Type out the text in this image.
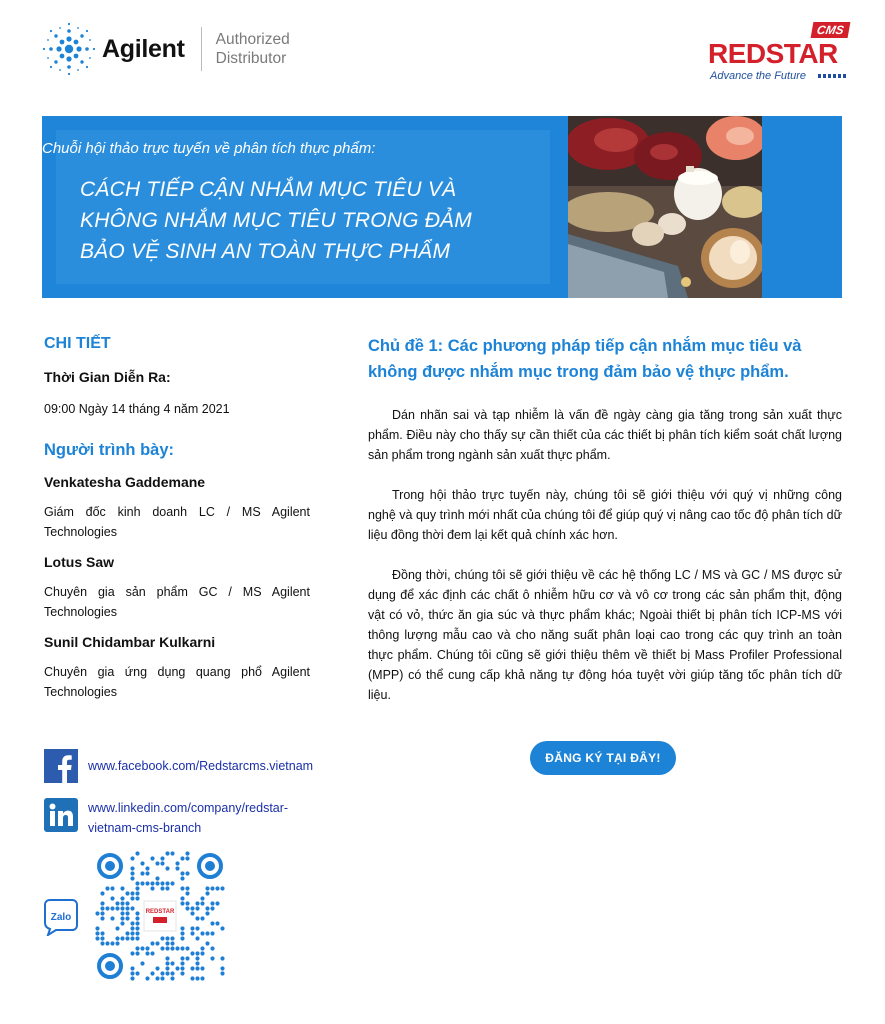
Agilent Authorized
Distributor
CMS
REDSTAR
Advance the Future
Chuỗi hội thảo trực tuyến về phân tích thực phẩm:
CÁCH TIẾP CẬN NHẮM MỤC TIÊU VÀ
KHÔNG NHẮM MỤC TIÊU TRONG ĐẢM
BẢO VỆ SINH AN TOÀN THỰC PHẨM
CHI TIẾT
Thời Gian Diễn Ra:
09:00 Ngày 14 tháng 4 năm 2021
Người trình bày:
Venkatesha Gaddemane
Giám đốc kinh doanh LC / MS Agilent Technologies
Lotus Saw
Chuyên gia sản phẩm GC / MS Agilent Technologies
Sunil Chidambar Kulkarni
Chuyên gia ứng dụng quang phổ Agilent Technologies
www.facebook.com/Redstarcms.vietnam
www.linkedin.com/company/redstar-
vietnam-cms-branch
Zalo	REDSTAR
Chủ đề 1: Các phương pháp tiếp cận nhắm mục tiêu và không được nhắm mục trong đảm bảo vệ thực phẩm.
Dán nhãn sai và tạp nhiễm là vấn đề ngày càng gia tăng trong sản xuất thực phẩm. Điều này cho thấy sự cần thiết của các thiết bị phân tích kiểm soát chất lượng sản phẩm trong ngành sản xuất thực phẩm.
Trong hội thảo trực tuyến này, chúng tôi sẽ giới thiệu với quý vị những công nghệ và quy trình mới nhất của chúng tôi để giúp quý vị nâng cao tốc độ phân tích dữ liệu đồng thời đem lại kết quả chính xác hơn.
Đồng thời, chúng tôi sẽ giới thiệu về các hệ thống LC / MS và GC / MS được sử dụng để xác định các chất ô nhiễm hữu cơ và vô cơ trong các sản phẩm thịt, động vật có vỏ, thức ăn gia súc và thực phẩm khác; Ngoài thiết bị phân tích ICP-MS với thông lượng mẫu cao và cho năng suất phân loại cao trong các quy trình an toàn thực phẩm. Chúng tôi cũng sẽ giới thiệu thêm về thiết bị Mass Profiler Professional (MPP) có thể cung cấp khả năng tự động hóa tuyệt vời giúp tăng tốc phân tích dữ liệu.
ĐĂNG KÝ TẠI ĐÂY!
